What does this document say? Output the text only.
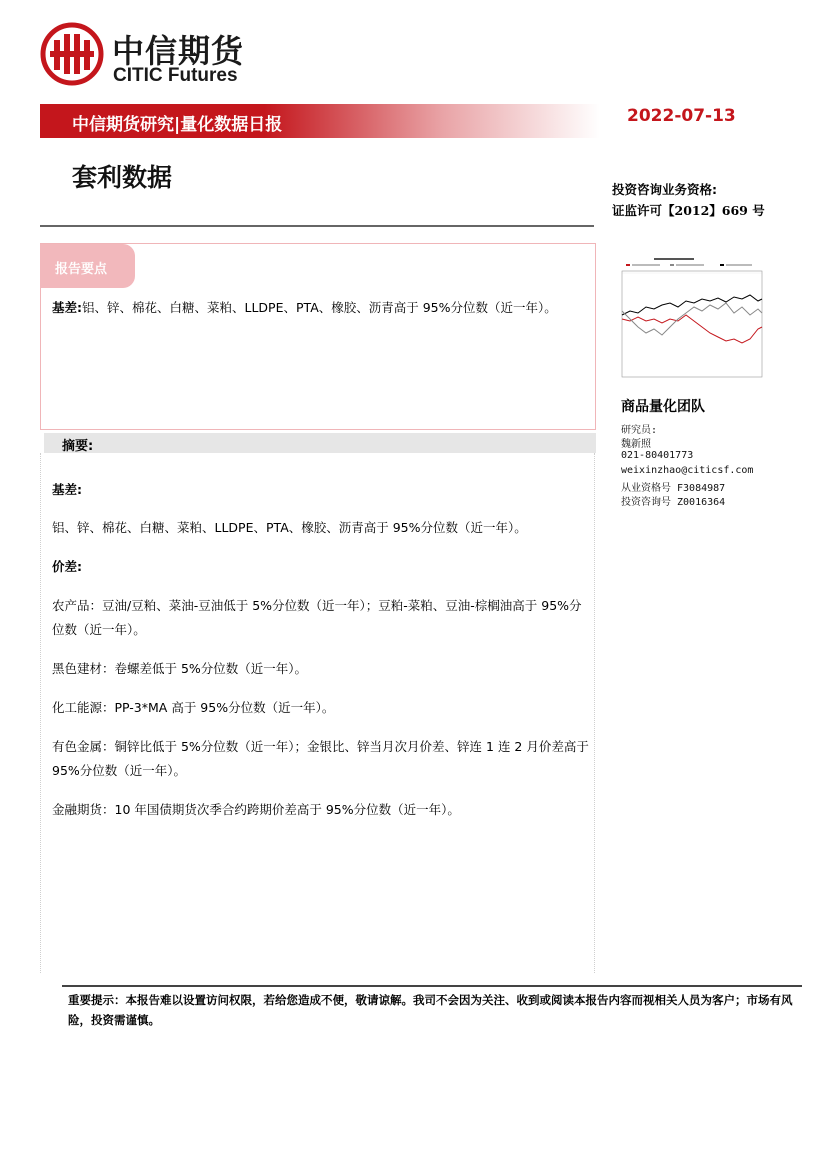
中信期货
CITIC Futures
中信期货研究|量化数据日报	2022-07-13
套利数据	投资咨询业务资格:
证监许可【2012】669 号
报告要点
基差:铝、锌、棉花、白糖、菜粕、LLDPE、PTA、橡胶、沥青高于 95%分位数（近一年）。
商品量化团队
研究员:
魏新照
021-80401773
weixinzhao@citicsf.com
从业资格号 F3084987
投资咨询号 Z0016364
摘要:
基差:
铝、锌、棉花、白糖、菜粕、LLDPE、PTA、橡胶、沥青高于 95%分位数（近一年）。
价差:
农产品：豆油/豆粕、菜油-豆油低于 5%分位数（近一年）；豆粕-菜粕、豆油-棕榈油高于 95%分位数（近一年）。
黑色建材：卷螺差低于 5%分位数（近一年）。
化工能源：PP-3*MA 高于 95%分位数（近一年）。
有色金属：铜锌比低于 5%分位数（近一年）；金银比、锌当月次月价差、锌连 1 连 2 月价差高于 95%分位数（近一年）。
金融期货：10 年国债期货次季合约跨期价差高于 95%分位数（近一年）。
重要提示：本报告难以设置访问权限，若给您造成不便，敬请谅解。我司不会因为关注、收到或阅读本报告内容而视相关人员为客户；市场有风险，投资需谨慎。
